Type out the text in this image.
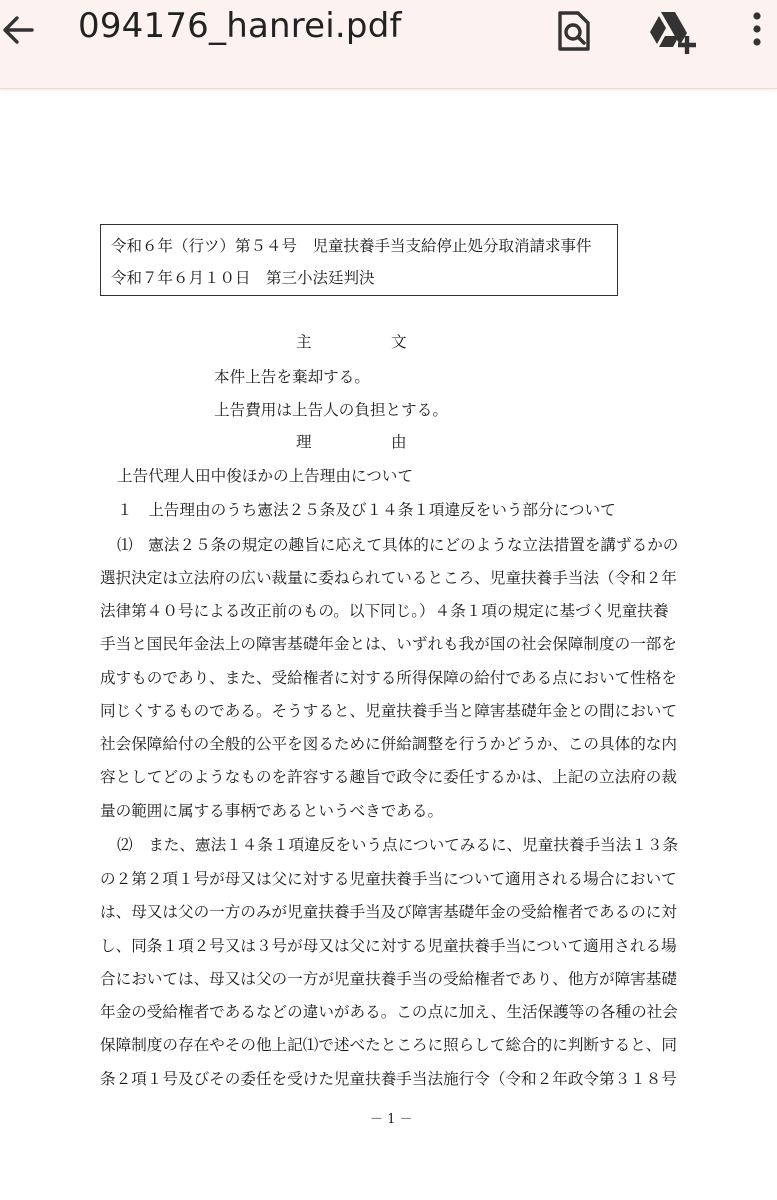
094176_hanrei.pdf
令和６年（行ツ）第５４号　児童扶養手当支給停止処分取消請求事件
令和７年６月１０日　第三小法廷判決
主	文
本件上告を棄却する。
上告費用は上告人の負担とする。
理	由
上告代理人田中俊ほかの上告理由について
１　上告理由のうち憲法２５条及び１４条１項違反をいう部分について
⑴　憲法２５条の規定の趣旨に応えて具体的にどのような立法措置を講ずるかの
選択決定は立法府の広い裁量に委ねられているところ、児童扶養手当法（令和２年
法律第４０号による改正前のもの。以下同じ。）４条１項の規定に基づく児童扶養
手当と国民年金法上の障害基礎年金とは、いずれも我が国の社会保障制度の一部を
成すものであり、また、受給権者に対する所得保障の給付である点において性格を
同じくするものである。そうすると、児童扶養手当と障害基礎年金との間において
社会保障給付の全般的公平を図るために併給調整を行うかどうか、この具体的な内
容としてどのようなものを許容する趣旨で政令に委任するかは、上記の立法府の裁
量の範囲に属する事柄であるというべきである。
⑵　また、憲法１４条１項違反をいう点についてみるに、児童扶養手当法１３条
の２第２項１号が母又は父に対する児童扶養手当について適用される場合において
は、母又は父の一方のみが児童扶養手当及び障害基礎年金の受給権者であるのに対
し、同条１項２号又は３号が母又は父に対する児童扶養手当について適用される場
合においては、母又は父の一方が児童扶養手当の受給権者であり、他方が障害基礎
年金の受給権者であるなどの違いがある。この点に加え、生活保護等の各種の社会
保障制度の存在やその他上記⑴で述べたところに照らして総合的に判断すると、同
条２項１号及びその委任を受けた児童扶養手当法施行令（令和２年政令第３１８号
－ 1 －
